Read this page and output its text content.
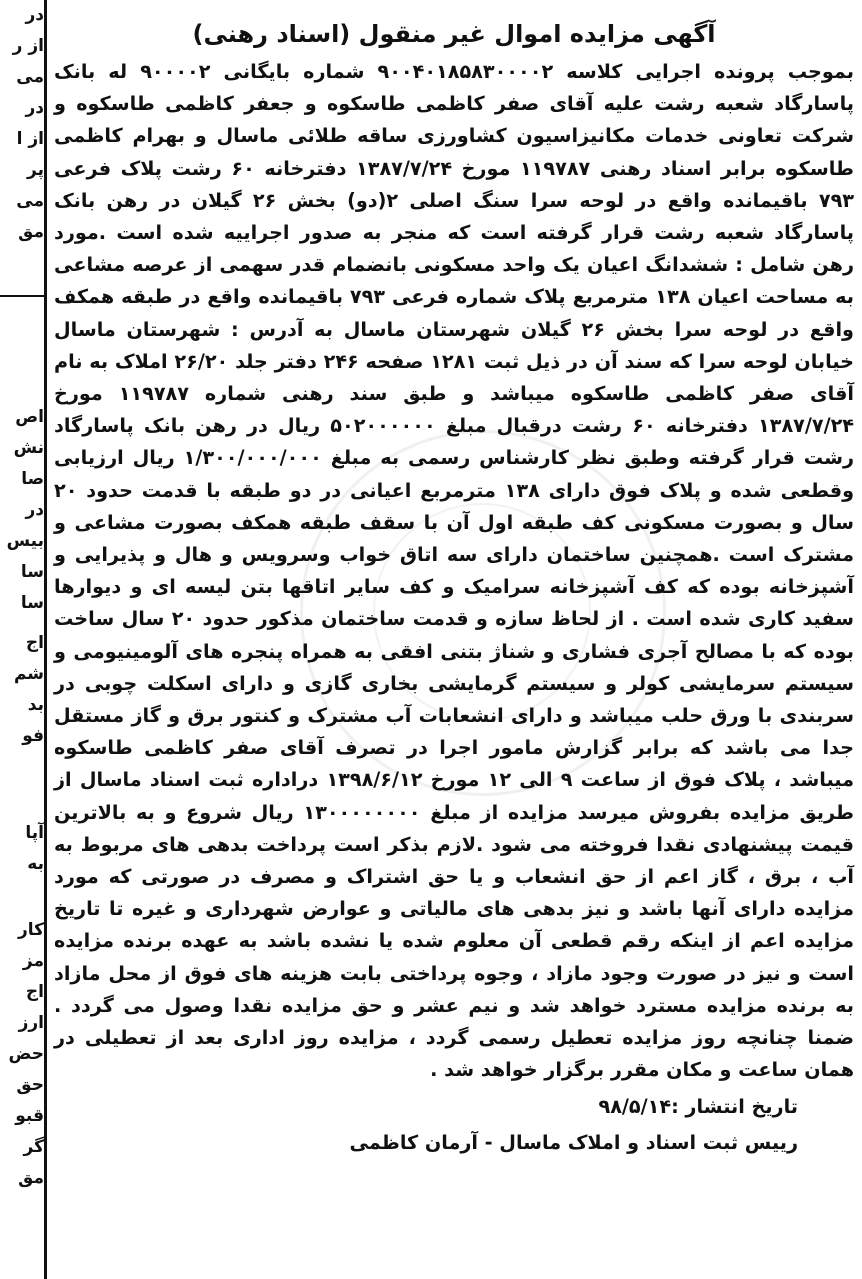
در
از ر
می
در
از ا
پر
می
مق
اص
نش
صا
در
بیس
سا
سا
اج
شم
بد
فو
آپا
به
کار
مز
اج
ارز
حض
حق
قبو
گر
مق
آگهی مزایده اموال غیر منقول (اسناد رهنی)

بموجب پرونده اجرایی کلاسه ۹۰۰۴۰۱۸۵۸۳۰۰۰۰۲ شماره بایگانی ۹۰۰۰۰۲ له بانک پاسارگاد شعبه رشت علیه آقای صفر کاظمی طاسکوه و جعفر کاظمی طاسکوه و شرکت تعاونی خدمات مکانیزاسیون کشاورزی ساقه طلائی ماسال و بهرام کاظمی طاسکوه برابر اسناد رهنی ۱۱۹۷۸۷ مورخ ۱۳۸۷/۷/۲۴ دفترخانه ۶۰ رشت پلاک فرعی ۷۹۳ باقیمانده واقع در لوحه سرا سنگ اصلی ۲(دو) بخش ۲۶ گیلان در رهن بانک پاسارگاد شعبه رشت قرار گرفته است که منجر به صدور اجراییه شده است .مورد رهن شامل : ششدانگ اعیان یک واحد مسکونی بانضمام قدر سهمی از عرصه مشاعی به مساحت اعیان ۱۳۸ مترمربع پلاک شماره فرعی ۷۹۳ باقیمانده واقع در طبقه همکف واقع در لوحه سرا بخش ۲۶ گیلان شهرستان ماسال به آدرس : شهرستان ماسال خیابان لوحه سرا که سند آن در ذیل ثبت ۱۲۸۱ صفحه ۲۴۶ دفتر جلد ۲۶/۲۰ املاک به نام آقای صفر کاظمی طاسکوه میباشد و طبق سند رهنی شماره ۱۱۹۷۸۷ مورخ ۱۳۸۷/۷/۲۴ دفترخانه ۶۰ رشت درقبال مبلغ ۵۰۲۰۰۰۰۰۰ ریال در رهن بانک پاسارگاد رشت قرار گرفته وطبق نظر کارشناس رسمی به مبلغ ۱/۳۰۰/۰۰۰/۰۰۰ ریال ارزیابی وقطعی شده و پلاک فوق دارای ۱۳۸ مترمربع اعیانی در دو طبقه با قدمت حدود ۲۰ سال و بصورت مسکونی کف طبقه اول آن با سقف طبقه همکف بصورت مشاعی و مشترک است .همچنین ساختمان دارای سه اتاق خواب وسرویس و هال و پذیرایی و آشپزخانه بوده که کف آشپزخانه سرامیک و کف سایر اتاقها بتن لیسه ای و دیوارها سفید کاری شده است . از لحاظ سازه و قدمت ساختمان مذکور حدود ۲۰ سال ساخت بوده که با مصالح آجری فشاری و شناژ بتنی افقی به همراه پنجره های آلومینیومی و سیستم سرمایشی کولر و سیستم گرمایشی بخاری گازی و دارای اسکلت چوبی در سربندی با ورق حلب میباشد و دارای انشعابات آب مشترک و کنتور برق و گاز مستقل جدا می باشد که برابر گزارش مامور اجرا در تصرف آقای صفر کاظمی طاسکوه میباشد ، پلاک فوق از ساعت ۹ الی ۱۲ مورخ ۱۳۹۸/۶/۱۲ دراداره ثبت اسناد ماسال از طریق مزایده بفروش میرسد مزایده از مبلغ ۱۳۰۰۰۰۰۰۰۰ ریال شروع و به بالاترین قیمت پیشنهادی نقدا فروخته می شود .لازم بذکر است پرداخت بدهی های مربوط به آب ، برق ، گاز اعم از حق انشعاب و یا حق اشتراک و مصرف در صورتی که مورد مزایده دارای آنها باشد و نیز بدهی های مالیاتی و عوارض شهرداری و غیره تا تاریخ مزایده اعم از اینکه رقم قطعی آن معلوم شده یا نشده باشد به عهده برنده مزایده است و نیز در صورت وجود مازاد ، وجوه پرداختی بابت هزینه های فوق از محل مازاد به برنده مزایده مسترد خواهد شد و نیم عشر و حق مزایده نقدا وصول می گردد . ضمنا چنانچه روز مزایده تعطیل رسمی گردد ، مزایده روز اداری بعد از تعطیلی در همان ساعت و مکان مقرر برگزار خواهد شد .

تاریخ انتشار :۹۸/۵/۱۴
رییس ثبت اسناد و املاک ماسال - آرمان کاظمی
